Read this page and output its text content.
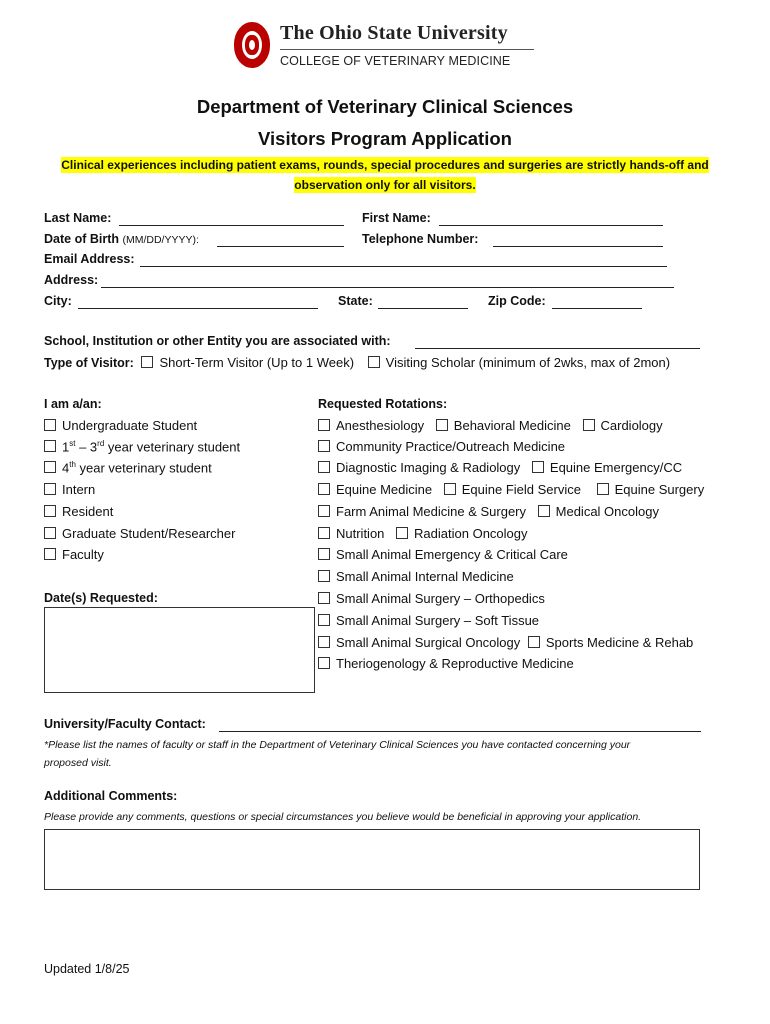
The Ohio State University
COLLEGE OF VETERINARY MEDICINE
Department of Veterinary Clinical Sciences
Visitors Program Application
Clinical experiences including patient exams, rounds, special procedures and surgeries are strictly hands-off and
observation only for all visitors.
Last Name:	First Name:
Date of Birth (MM/DD/YYYY):	Telephone Number:
Email Address:
Address:
City:	State:	Zip Code:
School, Institution or other Entity you are associated with:
Type of Visitor: Short-Term Visitor (Up to 1 Week) Visiting Scholar (minimum of 2wks, max of 2mon)
I am a/an:
Undergraduate Student
1st – 3rd year veterinary student
4th year veterinary student
Intern
Resident
Graduate Student/Researcher
Faculty
Date(s) Requested:
Requested Rotations:
Anesthesiology Behavioral Medicine Cardiology
Community Practice/Outreach Medicine
Diagnostic Imaging & Radiology Equine Emergency/CC
Equine Medicine Equine Field Service	Equine Surgery
Farm Animal Medicine & Surgery Medical Oncology
Nutrition Radiation Oncology
Small Animal Emergency & Critical Care
Small Animal Internal Medicine
Small Animal Surgery – Orthopedics
Small Animal Surgery – Soft Tissue
Small Animal Surgical Oncology Sports Medicine & Rehab
Theriogenology & Reproductive Medicine
University/Faculty Contact:
*Please list the names of faculty or staff in the Department of Veterinary Clinical Sciences you have contacted concerning your
proposed visit.
Additional Comments:
Please provide any comments, questions or special circumstances you believe would be beneficial in approving your application.
Updated 1/8/25
